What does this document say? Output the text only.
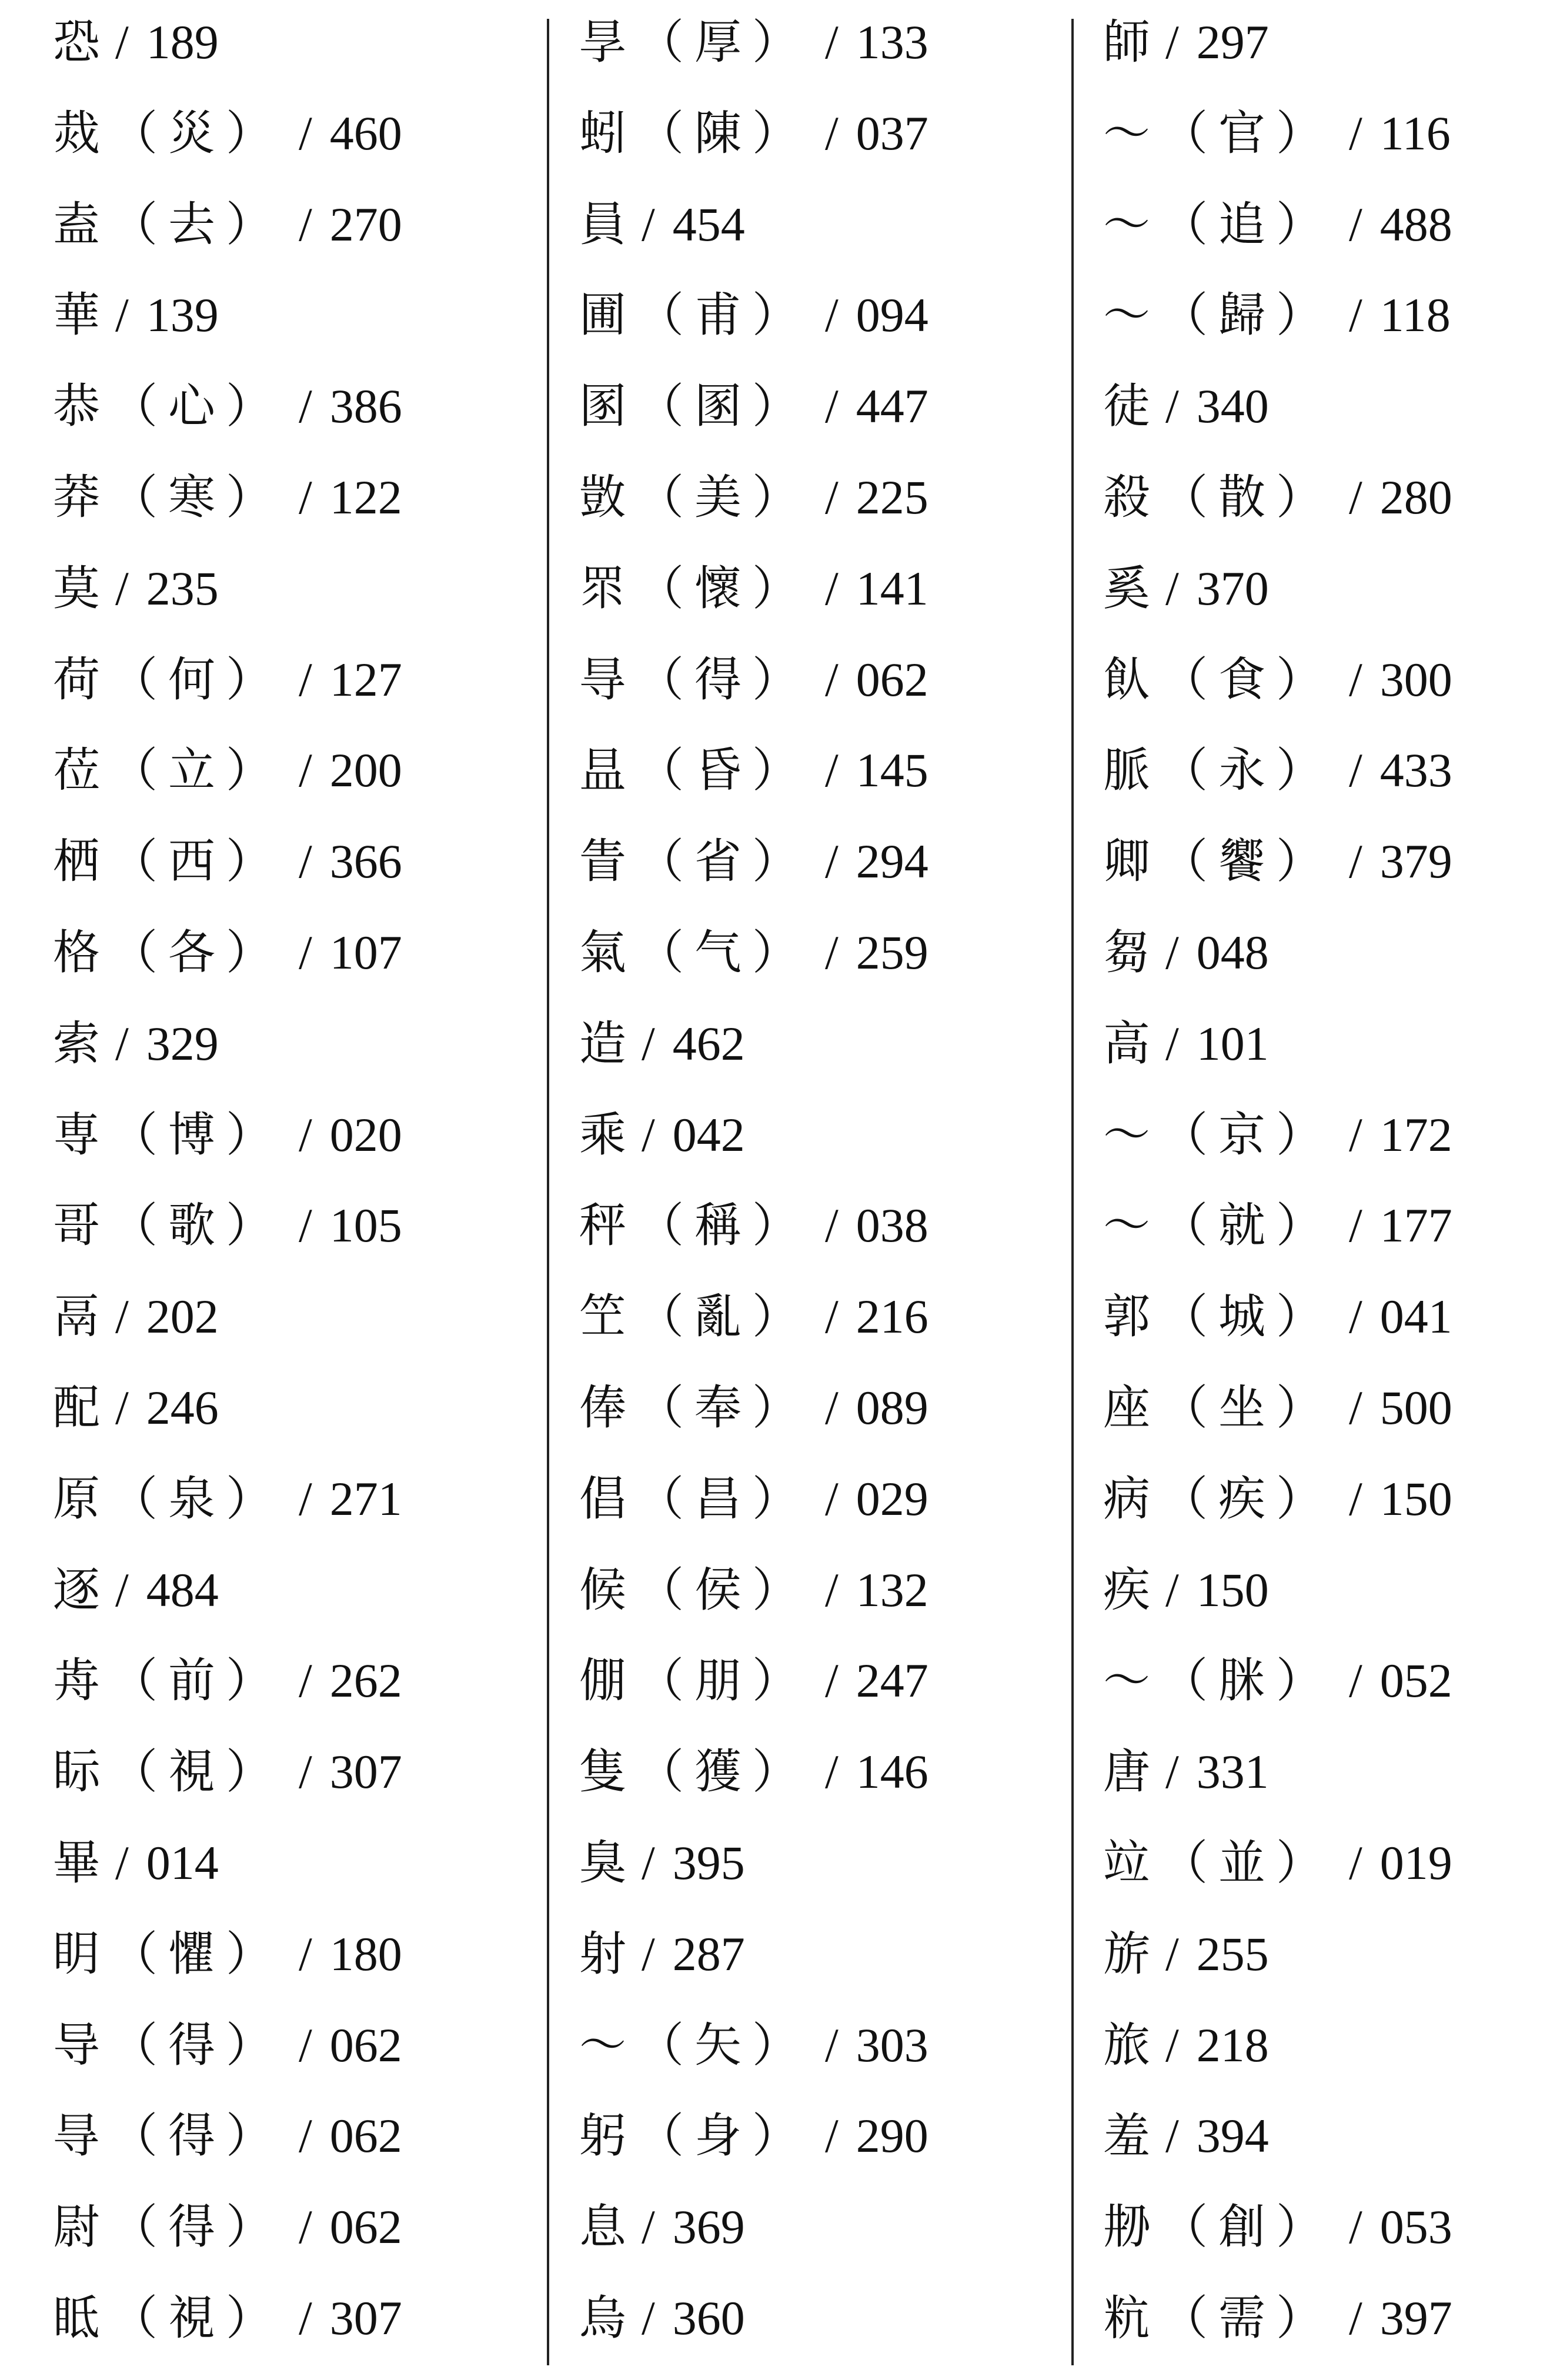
恐 / 189
烖 （ 災 ） / 460
盍 （ 去 ） / 270
華 / 139
恭 （ 心 ） / 386
莽 （ 寒 ） / 122
莫 / 235
荷 （ 何 ） / 127
莅 （ 立 ） / 200
栖 （ 西 ） / 366
格 （ 各 ） / 107
索 / 329
専 （ 博 ） / 020
哥 （ 歌 ） / 105
鬲 / 202
配 / 246
原 （ 泉 ） / 271
逐 / 484
歬 （ 前 ） / 262
眎 （ 視 ） / 307
畢 / 014
眀 （ 懼 ） / 180
导 （ 得 ） / 062
㝵 （ 得 ） / 062
尉 （ 得 ） / 062
眡 （ 視 ） / 307
㫗 （ 厚 ） / 133
蚓 （ 陳 ） / 037
員 / 454
圃 （ 甫 ） / 094
圂 （ 圂 ） / 447
敳 （ 美 ） / 225
眔 （ 懷 ） / 141
㝵 （ 得 ） / 062
昷 （ 昏 ） / 145
眚 （ 省 ） / 294
氣 （ 气 ） / 259
造 / 462
乘 / 042
秤 （ 稱 ） / 038
笁 （ 亂 ） / 216
俸 （ 奉 ） / 089
倡 （ 昌 ） / 029
候 （ 侯 ） / 132
倗 （ 朋 ） / 247
隻 （ 獲 ） / 146
臭 / 395
射 / 287
～ （ 矢 ） / 303
躬 （ 身 ） / 290
息 / 369
烏 / 360
師 / 297
～ （ 官 ） / 116
～ （ 追 ） / 488
～ （ 歸 ） / 118
徒 / 340
殺 （ 散 ） / 280
奚 / 370
飤 （ 食 ） / 300
脈 （ 永 ） / 433
卿 （ 饗 ） / 379
芻 / 048
高 / 101
～ （ 京 ） / 172
～ （ 就 ） / 177
郭 （ 城 ） / 041
座 （ 坐 ） / 500
病 （ 疾 ） / 150
疾 / 150
～ （ 脒 ） / 052
唐 / 331
竝 （ 並 ） / 019
旂 / 255
旅 / 218
羞 / 394
刱 （ 創 ） / 053
粇 （ 需 ） / 397
